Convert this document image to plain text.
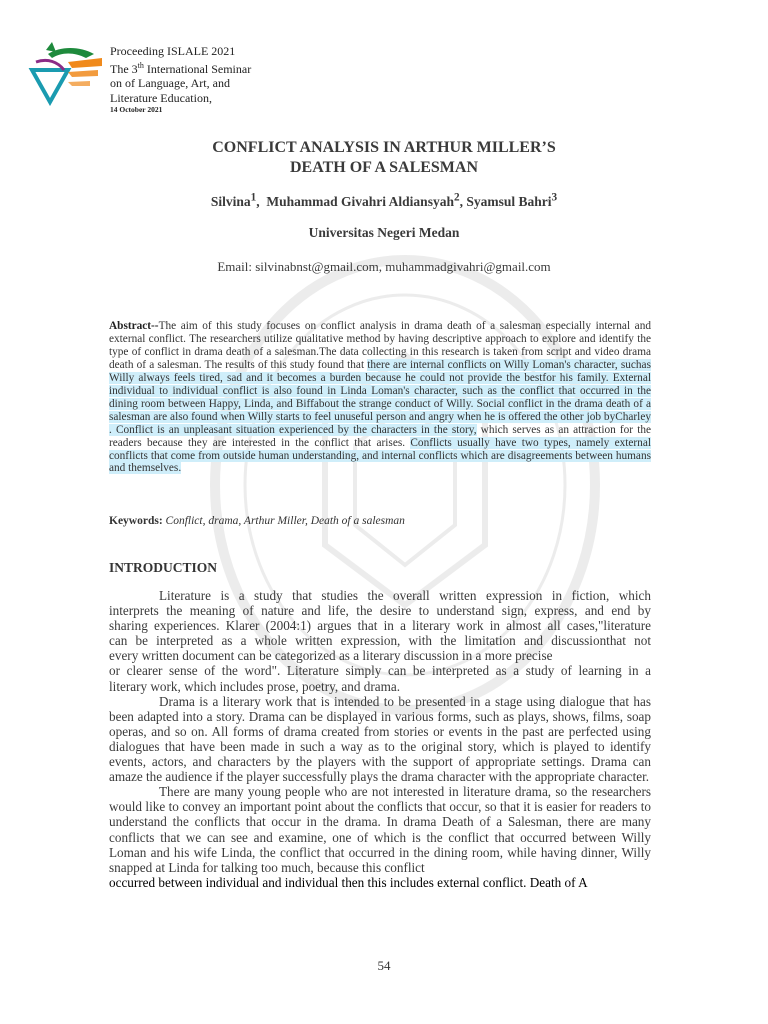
Proceeding ISLALE 2021
The 3th International Seminar
on of Language, Art, and
Literature Education,
14 October 2021
CONFLICT ANALYSIS IN ARTHUR MILLER’S
DEATH OF A SALESMAN
Silvina$^1$,  Muhammad Givahri Aldiansyah$^2$, Syamsul Bahri$^3$
Universitas Negeri Medan
Email: silvinabnst@gmail.com, muhammadgivahri@gmail.com
Abstract--The aim of this study focuses on conflict analysis in drama death of a salesman especially internal and external conflict. The researchers utilize qualitative method by having descriptive approach to explore and identify the type of conflict in drama death of a salesman.The data collecting in this research is taken from script and video drama death of a salesman. The results of this study found that there are internal conflicts on Willy Loman's character, suchas Willy always feels tired, sad and it becomes a burden because he could not provide the bestfor his family. External individual to individual conflict is also found in Linda Loman's character, such as the conflict that occurred in the dining room between Happy, Linda, and Biffabout the strange conduct of Willy. Social conflict in the drama death of a salesman are also found when Willy starts to feel unuseful person and angry when he is offered the other job byCharley . Conflict is an unpleasant situation experienced by the characters in the story, which serves as an attraction for the readers because they are interested in the conflict that arises. Conflicts usually have two types, namely external conflicts that come from outside human understanding, and internal conflicts which are disagreements between humans and themselves.
Keywords: Conflict, drama, Arthur Miller, Death of a salesman
INTRODUCTION

Literature is a study that studies the overall written expression in fiction, which
interprets the meaning of nature and life, the desire to understand sign, express, and end by
sharing experiences. Klarer (2004:1) argues that in a literary work in almost all cases,"literature
can be interpreted as a whole written expression, with the limitation and discussionthat not
every written document can be categorized as a literary discussion in a more precise
or clearer sense of the word". Literature simply can be interpreted as a study of learning in a
literary work, which includes prose, poetry, and drama.

Drama is a literary work that is intended to be presented in a stage using dialogue that has been adapted into a story. Drama can be displayed in various forms, such as plays, shows, films, soap operas, and so on. All forms of drama created from stories or events in the past are perfected using dialogues that have been made in such a way as to the original story, which is played to identify events, actors, and characters by the players with the support of appropriate settings. Drama can amaze the audience if the player successfully plays the drama character with the appropriate character.

There are many young people who are not interested in literature drama, so the researchers would like to convey an important point about the conflicts that occur, so that it is easier for readers to understand the conflicts that occur in the drama. In drama Death of a Salesman, there are many conflicts that we can see and examine, one of which is the conflict that occurred between Willy Loman and his wife Linda, the conflict that occurred in the dining room, while having dinner, Willy snapped at Linda for talking too much, because this conflict

occurred between individual and individual then this includes external conflict. Death of A

54
